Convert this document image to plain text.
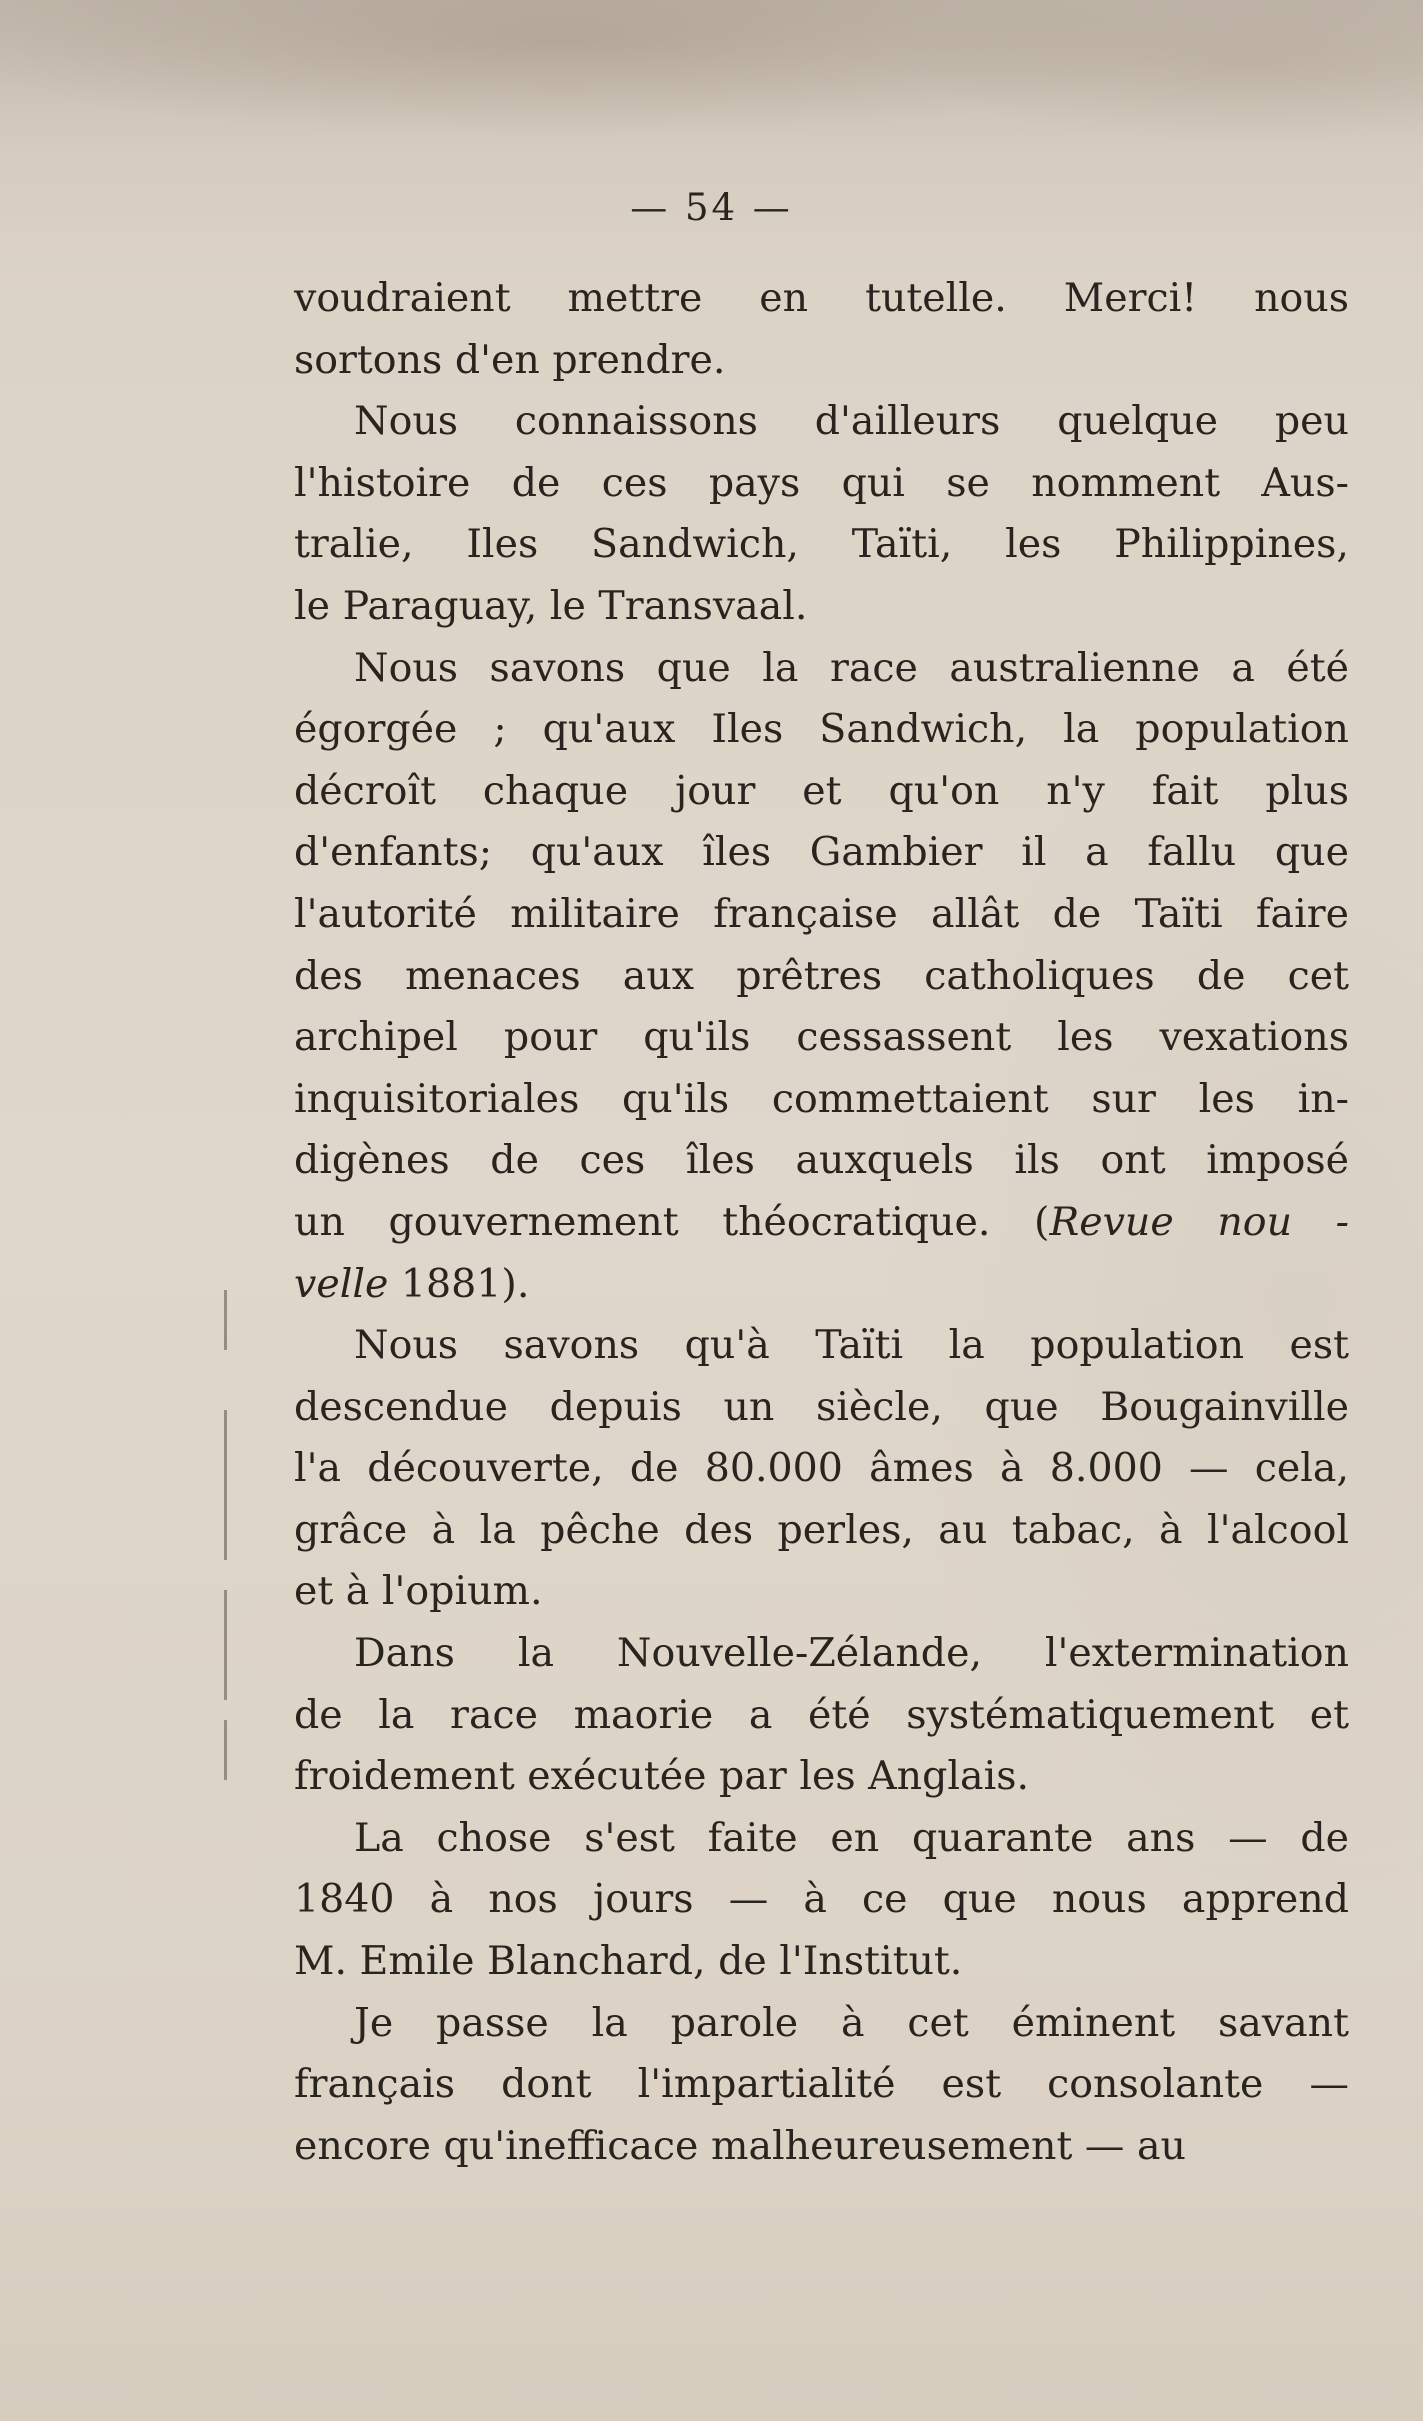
— 54 —

voudraient mettre en tutelle. Merci! nous
sortons d'en prendre.

Nous connaissons d'ailleurs quelque peu
l'histoire de ces pays qui se nomment Aus-
tralie, Iles Sandwich, Taïti, les Philippines,
le Paraguay, le Transvaal.

Nous savons que la race australienne a été
égorgée ; qu'aux Iles Sandwich, la population
décroît chaque jour et qu'on n'y fait plus
d'enfants; qu'aux îles Gambier il a fallu que
l'autorité militaire française allât de Taïti faire
des menaces aux prêtres catholiques de cet
archipel pour qu'ils cessassent les vexations
inquisitoriales qu'ils commettaient sur les in-
digènes de ces îles auxquels ils ont imposé
un gouvernement théocratique. (Revue nou -
velle 1881).

Nous savons qu'à Taïti la population est
descendue depuis un siècle, que Bougainville
l'a découverte, de 80.000 âmes à 8.000 — cela,
grâce à la pêche des perles, au tabac, à l'alcool
et à l'opium.

Dans la Nouvelle-Zélande, l'extermination
de la race maorie a été systématiquement et
froidement exécutée par les Anglais.

La chose s'est faite en quarante ans — de
1840 à nos jours — à ce que nous apprend
M. Emile Blanchard, de l'Institut.

Je passe la parole à cet éminent savant
français dont l'impartialité est consolante —
encore qu'inefficace malheureusement — au
